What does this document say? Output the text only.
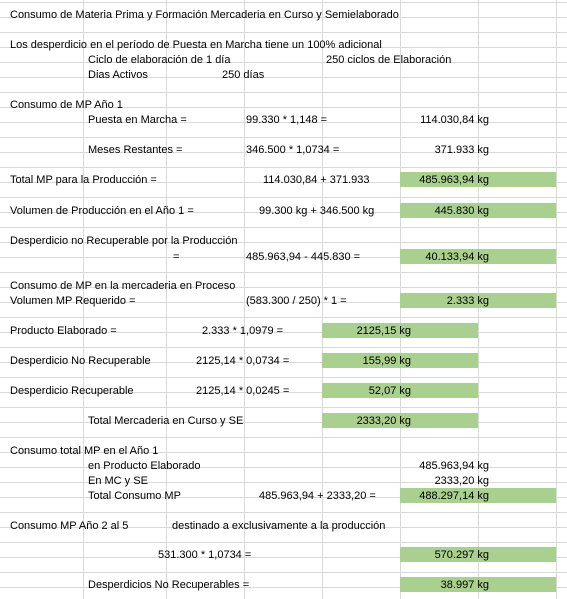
Consumo de Materia Prima y Formación Mercaderia en Curso y Semielaborado
Los desperdicio en el período de Puesta en Marcha tiene un 100% adicional
Ciclo de elaboración de 1 día	250 ciclos de Elaboración
Dias Activos	250 días
Consumo de MP Año 1
Puesta en Marcha =	99.330 * 1,148 =	114.030,84 kg
Meses Restantes =	346.500 * 1,0734 =	371.933 kg
Total MP para la Producción =	114.030,84 + 371.933	485.963,94 kg
Volumen de Producción en el Año 1 =	99.300 kg + 346.500 kg	445.830 kg
Desperdicio no Recuperable por la Producción
=	485.963,94 - 445.830 =	40.133,94 kg
Consumo de MP en la mercaderia en Proceso
Volumen MP Requerido =	(583.300 / 250) * 1 =	2.333 kg
Producto Elaborado =	2.333 * 1,0979 =	2125,15 kg
Desperdicio No Recuperable	2125,14 * 0,0734 =	155,99 kg
Desperdicio Recuperable	2125,14 * 0,0245 =	52,07 kg
Total Mercaderia en Curso y SE	2333,20 kg
Consumo total MP en el Año 1
en Producto Elaborado	485.963,94 kg
En MC y SE	2333,20 kg
Total Consumo MP	485.963,94 + 2333,20 =	488.297,14 kg
Consumo MP Año 2 al 5	destinado a exclusivamente a la producción
531.300 * 1,0734 =	570.297 kg
Desperdicios No Recuperables =	38.997 kg
